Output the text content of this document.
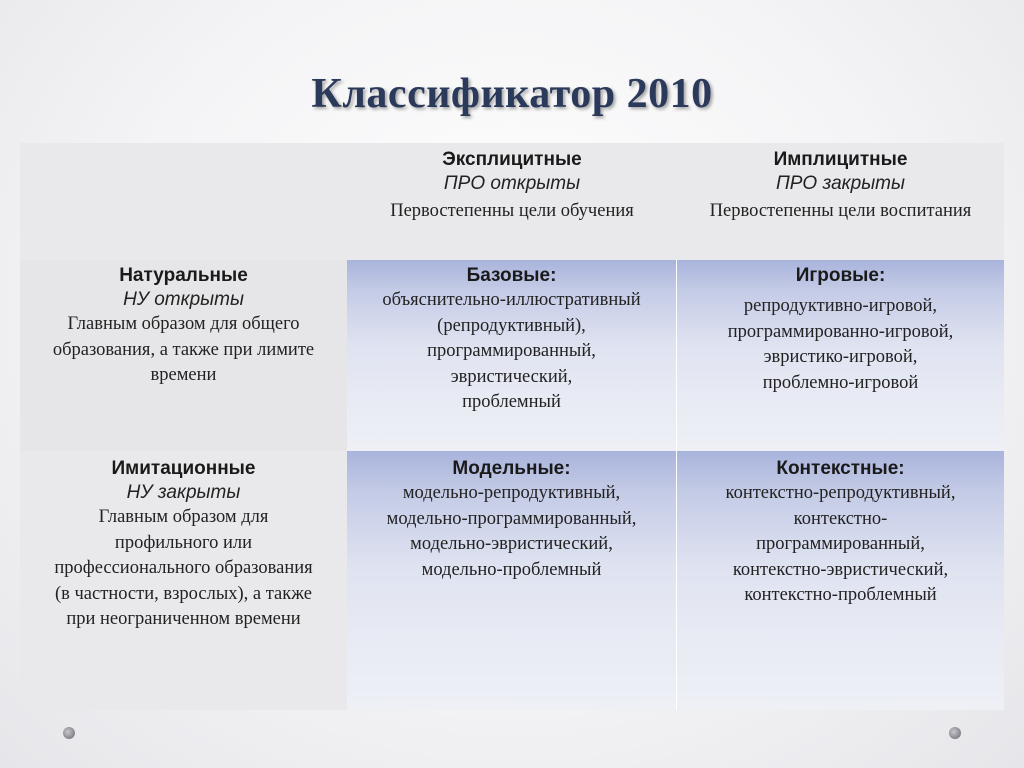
Классификатор 2010
Эксплицитные
ПРО открыты
Первостепенны цели обучения
Имплицитные
ПРО закрыты
Первостепенны цели воспитания
Натуральные
НУ открыты
Главным образом для общего
образования, а также при лимите
времени
Базовые:
объяснительно-иллюстративный
(репродуктивный),
программированный,
эвристический,
проблемный
Игровые:
репродуктивно-игровой,
программированно-игровой,
эвристико-игровой,
проблемно-игровой
Имитационные
НУ закрыты
Главным образом для
профильного или
профессионального образования
(в частности, взрослых), а также
при неограниченном времени
Модельные:
модельно-репродуктивный,
модельно-программированный,
модельно-эвристический,
модельно-проблемный
Контекстные:
контекстно-репродуктивный,
контекстно-
программированный,
контекстно-эвристический,
контекстно-проблемный
